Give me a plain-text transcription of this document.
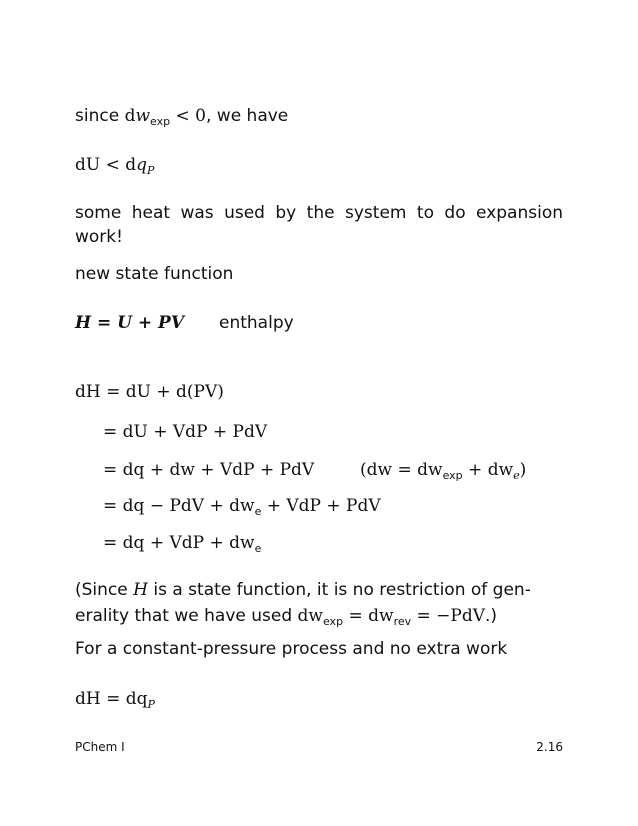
since $dw_{exp} < 0$, we have
dU < $dq_P$
some heat was used by the system to do expansion work!
new state function
H = U + PV enthalpy
dH = dU + d(PV)
= dU + VdP + PdV
= dq + dw + VdP + PdV	$(dw = dw_{exp} + dw_e)$
= dq − PdV + $dw_e$ + VdP + PdV
= dq + VdP + $dw_e$
(Since H is a state function, it is no restriction of gen-
erality that we have used $dw_{exp} = dw_{rev} = -PdV$.)
For a constant-pressure process and no extra work
dH = $dq_P$
PChem I	2.16
